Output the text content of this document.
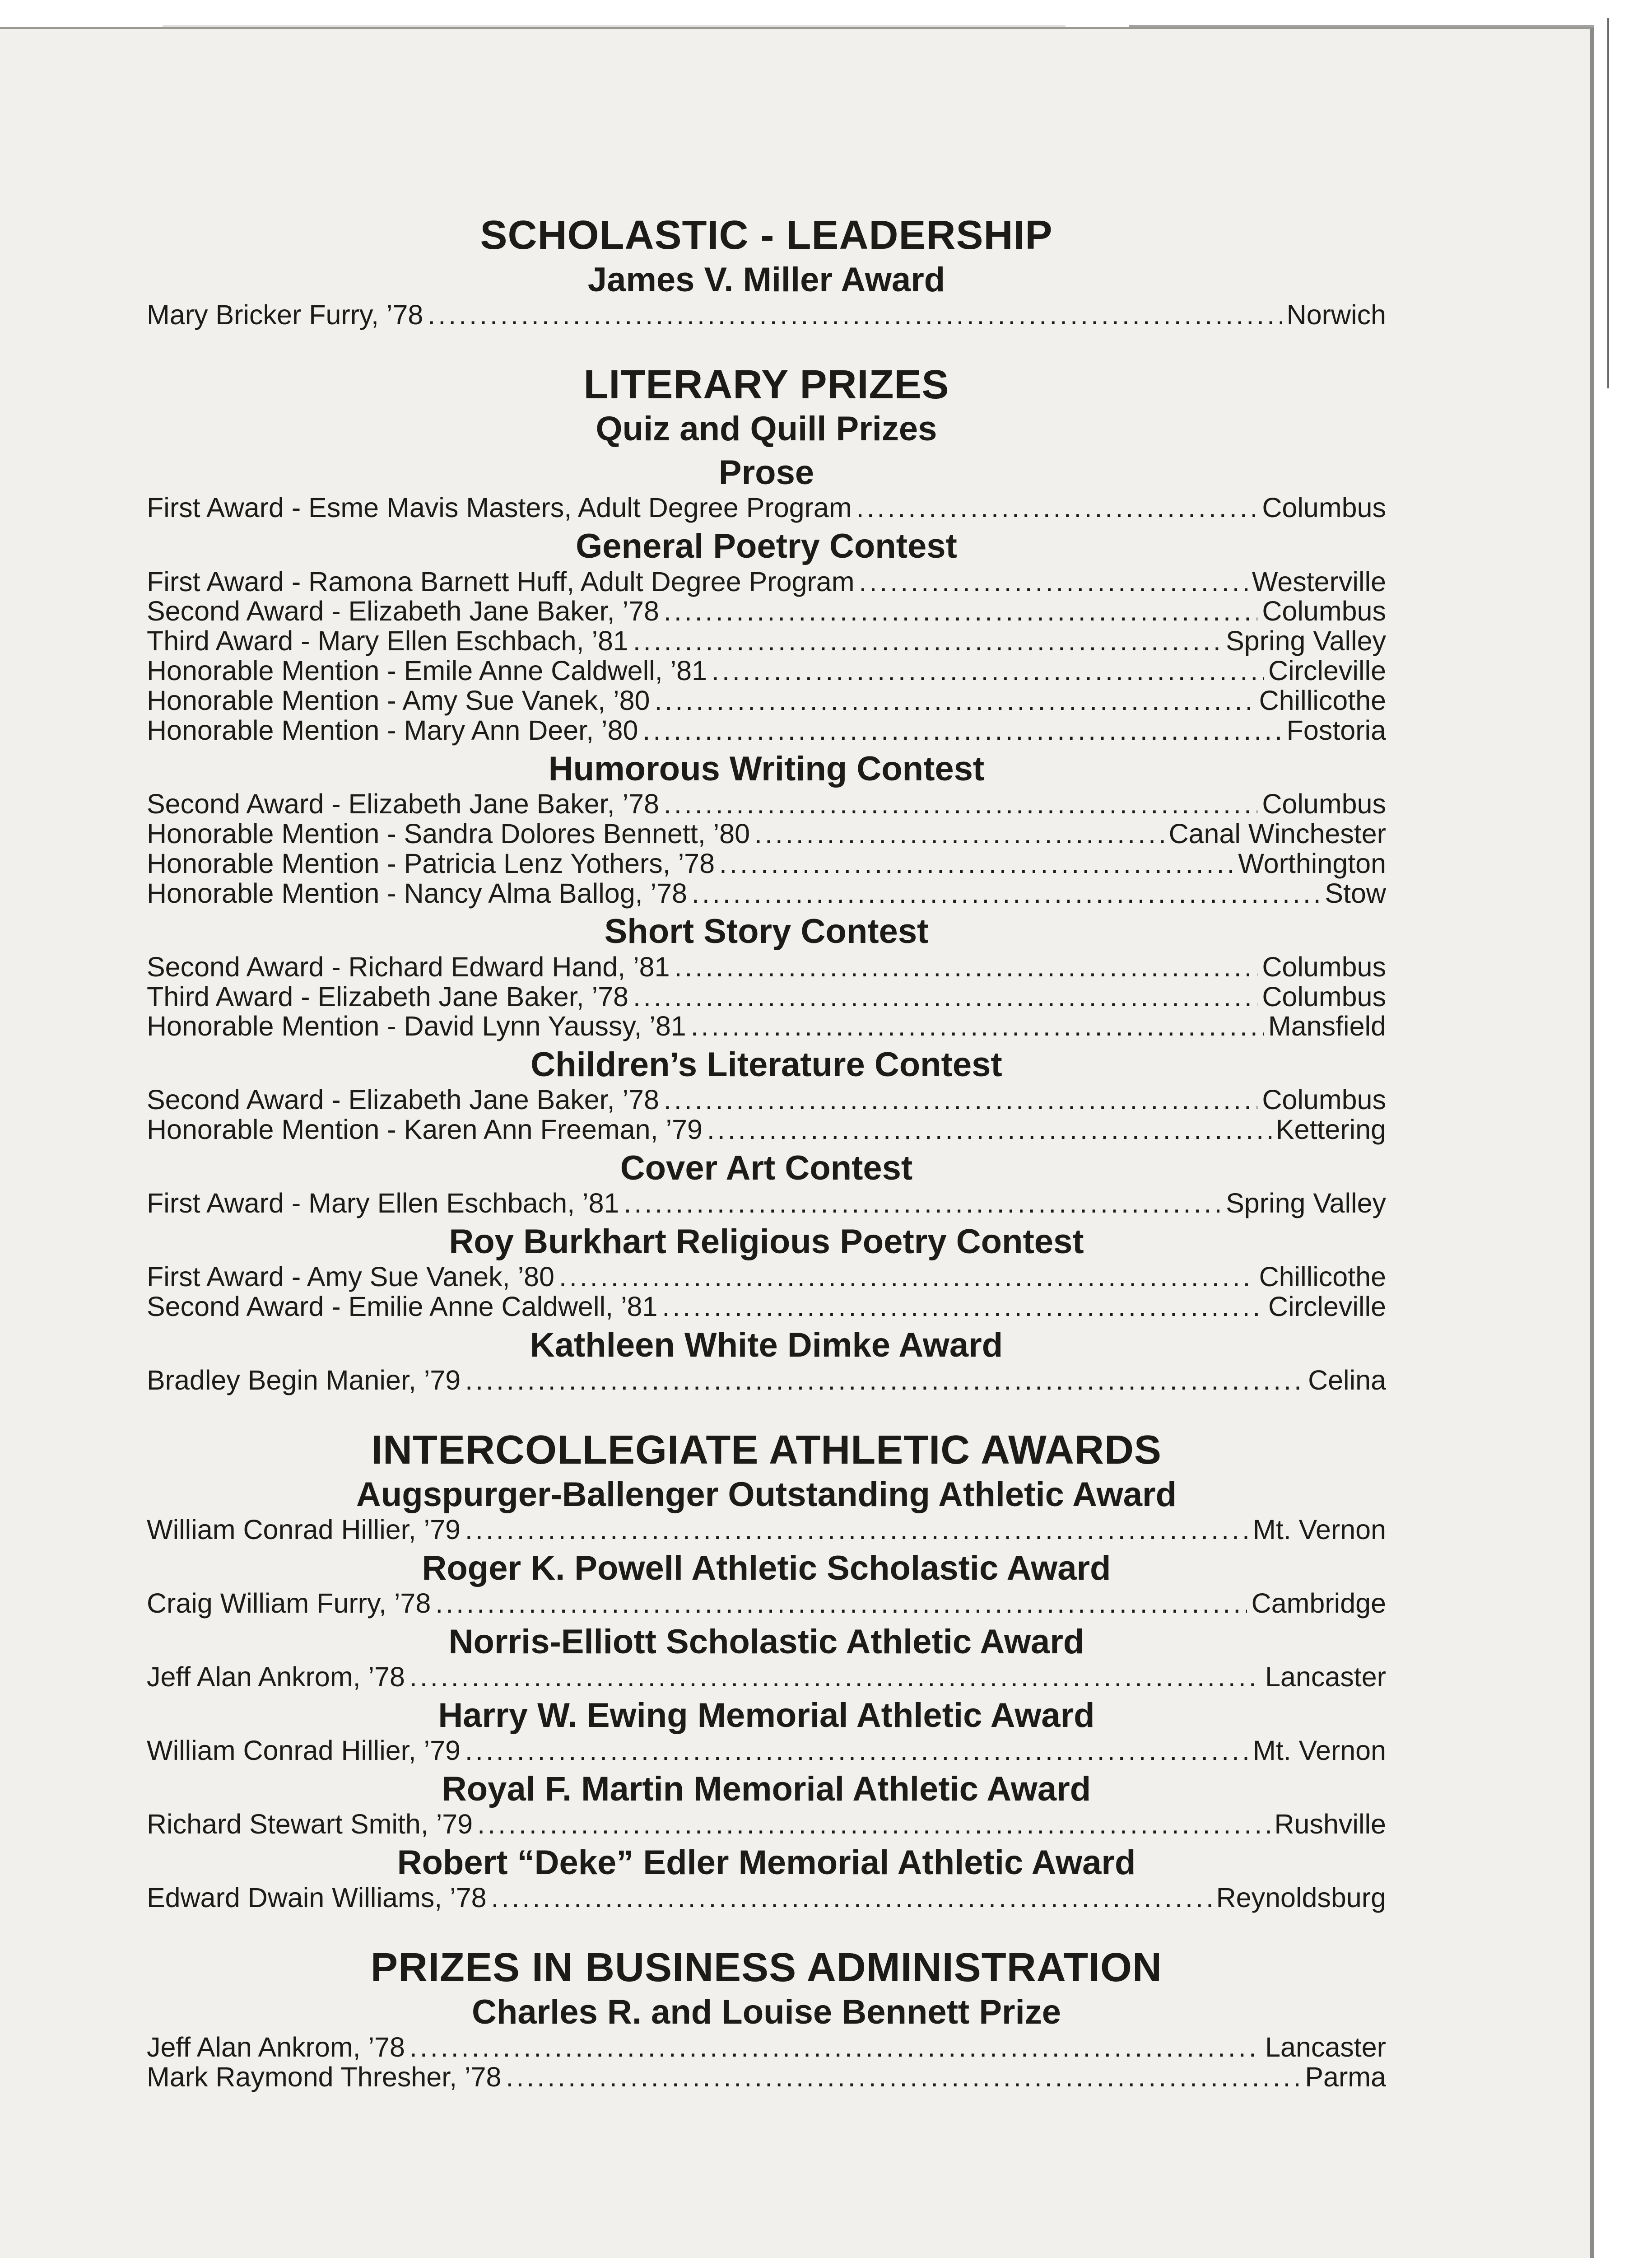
SCHOLASTIC - LEADERSHIP
James V. Miller Award
Mary Bricker Furry, ’78 .....	Norwich
LITERARY PRIZES
Quiz and Quill Prizes
Prose
First Award - Esme Mavis Masters, Adult Degree Program .....	Columbus
General Poetry Contest
First Award - Ramona Barnett Huff, Adult Degree Program .....	Westerville
Second Award - Elizabeth Jane Baker, ’78 .....	Columbus
Third Award - Mary Ellen Eschbach, ’81 .....	Spring Valley
Honorable Mention - Emile Anne Caldwell, ’81 .....	Circleville
Honorable Mention - Amy Sue Vanek, ’80 .....	Chillicothe
Honorable Mention - Mary Ann Deer, ’80 .....	Fostoria
Humorous Writing Contest
Second Award - Elizabeth Jane Baker, ’78 .....	Columbus
Honorable Mention - Sandra Dolores Bennett, ’80 .....	Canal Winchester
Honorable Mention - Patricia Lenz Yothers, ’78 .....	Worthington
Honorable Mention - Nancy Alma Ballog, ’78 .....	Stow
Short Story Contest
Second Award - Richard Edward Hand, ’81 .....	Columbus
Third Award - Elizabeth Jane Baker, ’78 .....	Columbus
Honorable Mention - David Lynn Yaussy, ’81 .....	Mansfield
Children’s Literature Contest
Second Award - Elizabeth Jane Baker, ’78 .....	Columbus
Honorable Mention - Karen Ann Freeman, ’79 .....	Kettering
Cover Art Contest
First Award - Mary Ellen Eschbach, ’81 .....	Spring Valley
Roy Burkhart Religious Poetry Contest
First Award - Amy Sue Vanek, ’80 .....	Chillicothe
Second Award - Emilie Anne Caldwell, ’81 .....	Circleville
Kathleen White Dimke Award
Bradley Begin Manier, ’79 .....	Celina
INTERCOLLEGIATE ATHLETIC AWARDS
Augspurger-Ballenger Outstanding Athletic Award
William Conrad Hillier, ’79 .....	Mt. Vernon
Roger K. Powell Athletic Scholastic Award
Craig William Furry, ’78 .....	Cambridge
Norris-Elliott Scholastic Athletic Award
Jeff Alan Ankrom, ’78 .....	Lancaster
Harry W. Ewing Memorial Athletic Award
William Conrad Hillier, ’79 .....	Mt. Vernon
Royal F. Martin Memorial Athletic Award
Richard Stewart Smith, ’79 .....	Rushville
Robert “Deke” Edler Memorial Athletic Award
Edward Dwain Williams, ’78 .....	Reynoldsburg
PRIZES IN BUSINESS ADMINISTRATION
Charles R. and Louise Bennett Prize
Jeff Alan Ankrom, ’78 .....	Lancaster
Mark Raymond Thresher, ’78 .....	Parma
